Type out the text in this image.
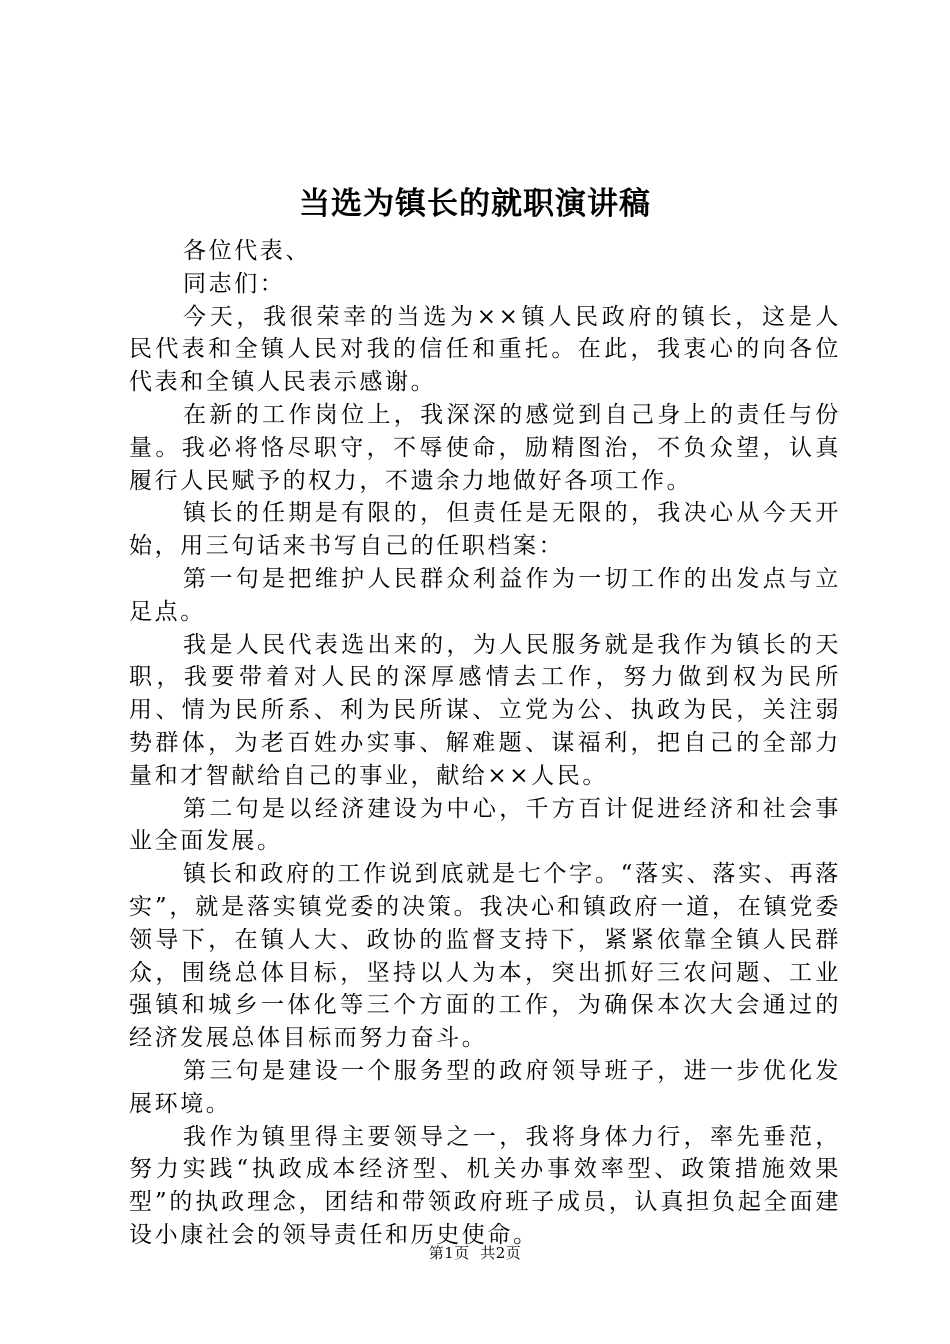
当选为镇长的就职演讲稿

各位代表、

同志们：

今天，我很荣幸的当选为××镇人民政府的镇长，这是人民代表和全镇人民对我的信任和重托。在此，我衷心的向各位代表和全镇人民表示感谢。

在新的工作岗位上，我深深的感觉到自己身上的责任与份量。我必将恪尽职守，不辱使命，励精图治，不负众望，认真履行人民赋予的权力，不遗余力地做好各项工作。

镇长的任期是有限的，但责任是无限的，我决心从今天开始，用三句话来书写自己的任职档案：

第一句是把维护人民群众利益作为一切工作的出发点与立足点。

我是人民代表选出来的，为人民服务就是我作为镇长的天职，我要带着对人民的深厚感情去工作，努力做到权为民所用、情为民所系、利为民所谋、立党为公、执政为民，关注弱势群体，为老百姓办实事、解难题、谋福利，把自己的全部力量和才智献给自己的事业，献给××人民。

第二句是以经济建设为中心，千方百计促进经济和社会事业全面发展。

镇长和政府的工作说到底就是七个字。“落实、落实、再落实”，就是落实镇党委的决策。我决心和镇政府一道，在镇党委领导下，在镇人大、政协的监督支持下，紧紧依靠全镇人民群众，围绕总体目标，坚持以人为本，突出抓好三农问题、工业强镇和城乡一体化等三个方面的工作，为确保本次大会通过的经济发展总体目标而努力奋斗。

第三句是建设一个服务型的政府领导班子，进一步优化发展环境。

我作为镇里得主要领导之一，我将身体力行，率先垂范，努力实践“执政成本经济型、机关办事效率型、政策措施效果型”的执政理念，团结和带领政府班子成员，认真担负起全面建设小康社会的领导责任和历史使命。

第1页  共2页
